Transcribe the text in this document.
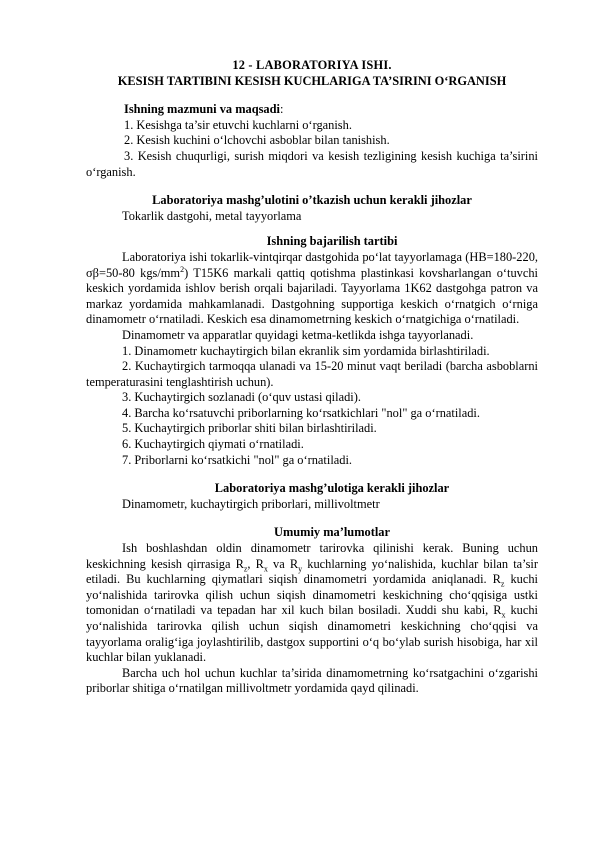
12 - LABORATORIYA ISHI.

KESISH TARTIBINI KESISH KUCHLARIGA TA’SIRINI O‘RGANISH

Ishning mazmuni va maqsadi:

1. Kesishga ta’sir etuvchi kuchlarni o‘rganish.

2. Kesish kuchini o‘lchovchi asboblar bilan tanishish.

3. Kesish chuqurligi, surish miqdori va kesish tezligining kesish kuchiga ta’sirini o‘rganish.

Laboratoriya mashg’ulotini o’tkazish uchun kerakli jihozlar

Tokarlik dastgohi, metal tayyorlama

Ishning bajarilish tartibi

Laboratoriya ishi tokarlik-vintqirqar dastgohida po‘lat tayyorlamaga (HB=180-220, σβ=50-80 kgs/$mm^2$) T15K6 markali qattiq qotishma plastinkasi kovsharlangan o‘tuvchi keskich yordamida ishlov berish orqali bajariladi. Tayyorlama 1K62 dastgohga patron va markaz yordamida mahkamlanadi. Dastgohning supportiga keskich o‘rnatgich o‘rniga dinamometr o‘rnatiladi. Keskich esa dinamometrning keskich o‘rnatgichiga o‘rnatiladi.

Dinamometr va apparatlar quyidagi ketma-ketlikda ishga tayyorlanadi.

1. Dinamometr kuchaytirgich bilan ekranlik sim yordamida birlashtiriladi.

2. Kuchaytirgich tarmoqqa ulanadi va 15-20 minut vaqt beriladi (barcha asboblarni temperaturasini tenglashtirish uchun).

3. Kuchaytirgich sozlanadi (o‘quv ustasi qiladi).

4. Barcha ko‘rsatuvchi priborlarning ko‘rsatkichlari "nol" ga o‘rnatiladi.

5. Kuchaytirgich priborlar shiti bilan birlashtiriladi.

6. Kuchaytirgich qiymati o‘rnatiladi.

7. Priborlarni ko‘rsatkichi "nol" ga o‘rnatiladi.

Laboratoriya mashg’ulotiga kerakli jihozlar

Dinamometr, kuchaytirgich priborlari, millivoltmetr

Umumiy ma’lumotlar

Ish boshlashdan oldin dinamometr tarirovka qilinishi kerak. Buning uchun keskichning kesish qirrasiga $R_z$, $R_x$ va $R_y$ kuchlarning yo‘nalishida, kuchlar bilan ta’sir etiladi. Bu kuchlarning qiymatlari siqish dinamometri yordamida aniqlanadi. $R_z$ kuchi yo‘nalishida tarirovka qilish uchun siqish dinamometri keskichning cho‘qqisiga ustki tomonidan o‘rnatiladi va tepadan har xil kuch bilan bosiladi. Xuddi shu kabi, $R_x$ kuchi yo‘nalishida tarirovka qilish uchun siqish dinamometri keskichning cho‘qqisi va tayyorlama oralig‘iga joylashtirilib, dastgox supportini o‘q bo‘ylab surish hisobiga, har xil kuchlar bilan yuklanadi.

Barcha uch hol uchun kuchlar ta’sirida dinamometrning ko‘rsatgachini o‘zgarishi priborlar shitiga o‘rnatilgan millivoltmetr yordamida qayd qilinadi.
